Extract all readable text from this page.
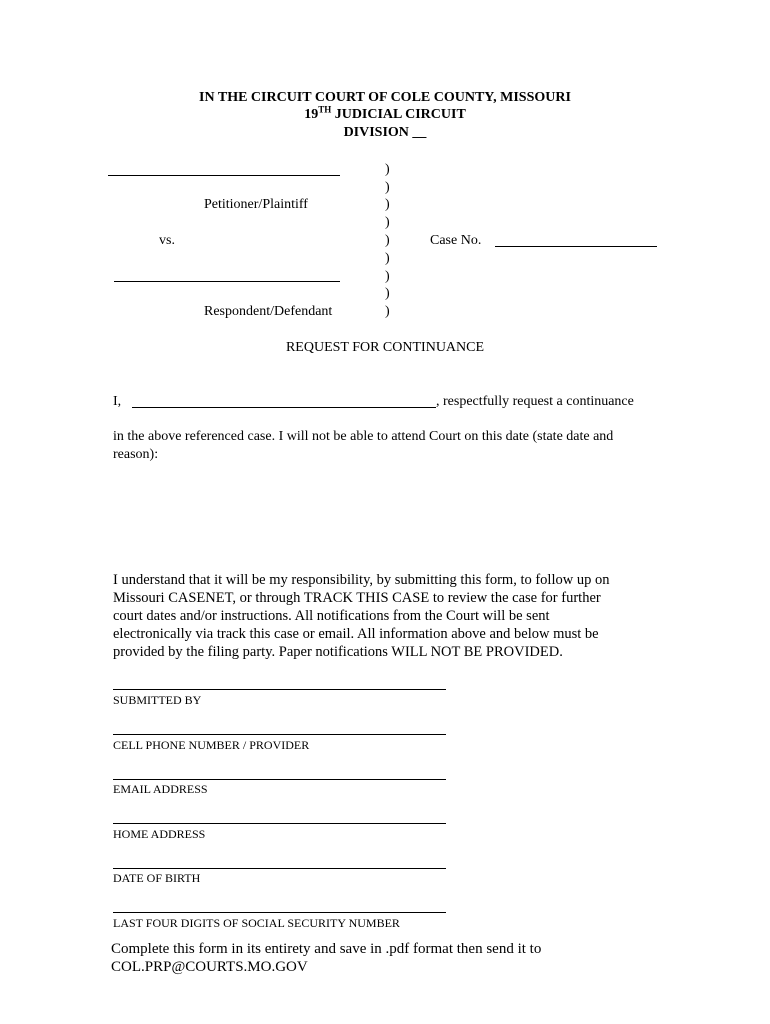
IN THE CIRCUIT COURT OF COLE COUNTY, MISSOURI
19TH JUDICIAL CIRCUIT
DIVISION __
Petitioner/Plaintiff
vs.
Respondent/Defendant
)
)
)
)
)
)
)
)
)
Case No.
REQUEST FOR CONTINUANCE
I,	, respectfully request a continuance
in the above referenced case. I will not be able to attend Court on this date (state date and
reason):
I understand that it will be my responsibility, by submitting this form, to follow up on
Missouri CASENET, or through TRACK THIS CASE to review the case for further
court dates and/or instructions. All notifications from the Court will be sent
electronically via track this case or email. All information above and below must be
provided by the filing party. Paper notifications WILL NOT BE PROVIDED.
SUBMITTED BY
CELL PHONE NUMBER / PROVIDER
EMAIL ADDRESS
HOME ADDRESS
DATE OF BIRTH
LAST FOUR DIGITS OF SOCIAL SECURITY NUMBER
Complete this form in its entirety and save in .pdf format then send it to
COL.PRP@COURTS.MO.GOV
